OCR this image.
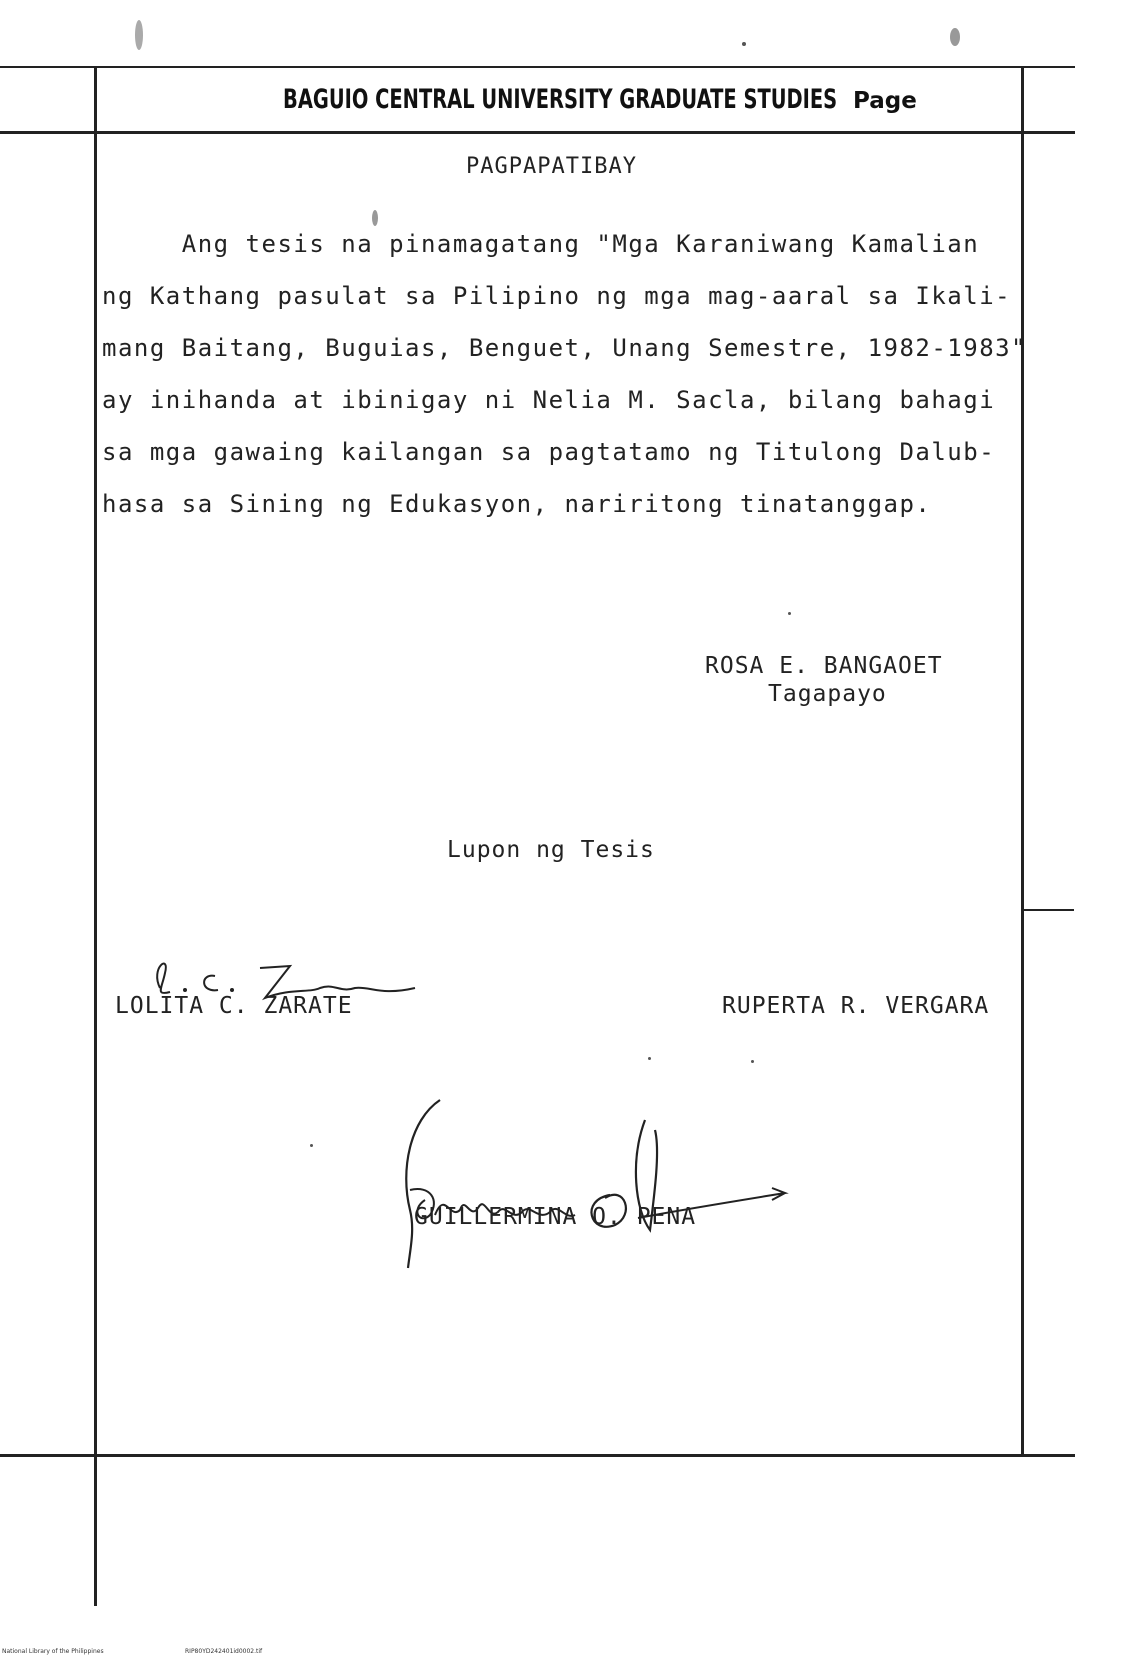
BAGUIO CENTRAL UNIVERSITY GRADUATE STUDIES Page
PAGPAPATIBAY
Ang tesis na pinamagatang "Mga Karaniwang Kamalian
ng Kathang pasulat sa Pilipino ng mga mag-aaral sa Ikali-
mang Baitang, Buguias, Benguet, Unang Semestre, 1982-1983"
ay inihanda at ibinigay ni Nelia M. Sacla, bilang bahagi
sa mga gawaing kailangan sa pagtatamo ng Titulong Dalub-
hasa sa Sining ng Edukasyon, nariritong tinatanggap.
ROSA E. BANGAOET
Tagapayo
Lupon ng Tesis
LOLITA C. ZARATE	RUPERTA R. VERGARA
GUILLERMINA O. PENA
National Library of the Philippines	RIP80YD242401id0002.tif
